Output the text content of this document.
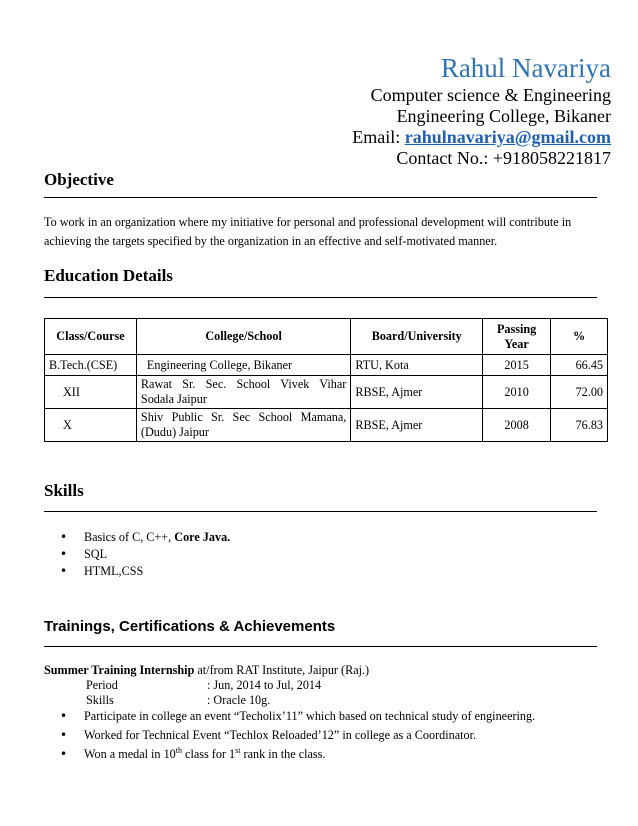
Rahul Navariya
Computer science & Engineering
Engineering College, Bikaner
Email: rahulnavariya@gmail.com
Contact No.: +918058221817
Objective
To work in an organization where my initiative for personal and professional development will contribute in achieving the targets specified by the organization in an effective and self-motivated manner.
Education Details
Class/Course	College/School	Board/University	Passing Year	%
B.Tech.(CSE)	Engineering College, Bikaner	RTU, Kota	2015	66.45
XII	Rawat Sr. Sec. School Vivek Vihar Sodala Jaipur	RBSE, Ajmer	2010	72.00
X	Shiv Public Sr. Sec School Mamana, (Dudu) Jaipur	RBSE, Ajmer	2008	76.83
Skills
• Basics of C, C++, Core Java.
• SQL
• HTML,CSS
Trainings, Certifications & Achievements
Summer Training Internship at/from RAT Institute, Jaipur (Raj.)
Period	: Jun, 2014 to Jul, 2014
Skills	: Oracle 10g.
• Participate in college an event “Techolix’11” which based on technical study of engineering.
• Worked for Technical Event “Techlox Reloaded’12” in college as a Coordinator.
• Won a medal in 10th class for 1st rank in the class.
